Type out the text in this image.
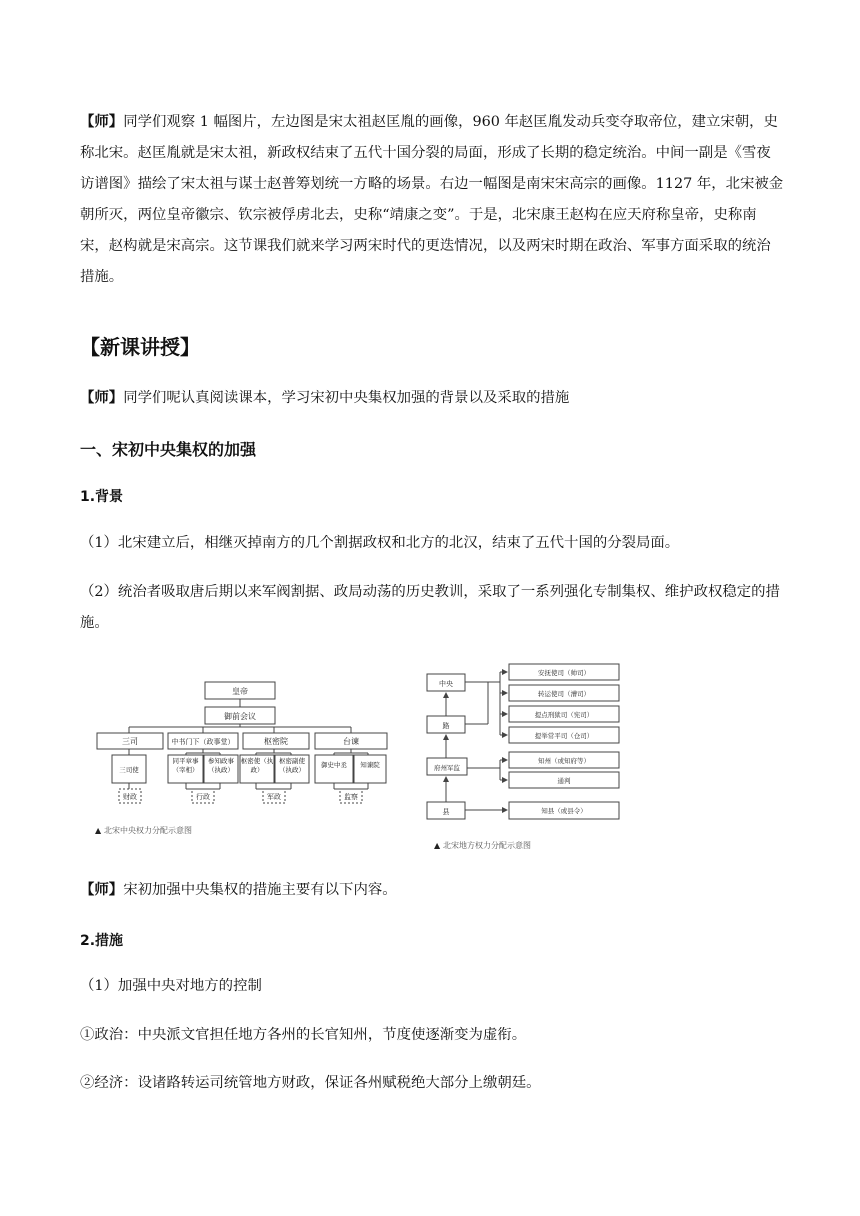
【师】同学们观察 1 幅图片，左边图是宋太祖赵匡胤的画像，960 年赵匡胤发动兵变夺取帝位，建立宋朝，史称北宋。赵匡胤就是宋太祖，新政权结束了五代十国分裂的局面，形成了长期的稳定统治。中间一副是《雪夜访谱图》描绘了宋太祖与谋士赵普筹划统一方略的场景。右边一幅图是南宋宋高宗的画像。1127 年，北宋被金朝所灭，两位皇帝徽宗、钦宗被俘虏北去，史称“靖康之变”。于是，北宋康王赵构在应天府称皇帝，史称南宋，赵构就是宋高宗。这节课我们就来学习两宋时代的更迭情况，以及两宋时期在政治、军事方面采取的统治措施。

【新课讲授】

【师】同学们呢认真阅读课本，学习宋初中央集权加强的背景以及采取的措施

一、宋初中央集权的加强
1.背景

（1）北宋建立后，相继灭掉南方的几个割据政权和北方的北汉，结束了五代十国的分裂局面。

（2）统治者吸取唐后期以来军阀割据、政局动荡的历史教训，采取了一系列强化专制集权、维护政权稳定的措施。

皇帝
御前会议
三司	中书门下（政事堂）	枢密院	台谏
三司使
同平章事（宰相）
参知政事（执政）
枢密使（执政）
枢密副使（执政）
御史中丞	知谏院
财政	行政	军政	监察
▲ 北宋中央权力分配示意图
中央
路
府州军监
县
安抚使司（帅司）
转运使司（漕司）
提点刑狱司（宪司）
提举常平司（仓司）
知州（或知府等）
通判
知县（或县令）
▲ 北宋地方权力分配示意图

【师】宋初加强中央集权的措施主要有以下内容。

2.措施

（1）加强中央对地方的控制

①政治：中央派文官担任地方各州的长官知州，节度使逐渐变为虚衔。

②经济：设诸路转运司统管地方财政，保证各州赋税绝大部分上缴朝廷。
